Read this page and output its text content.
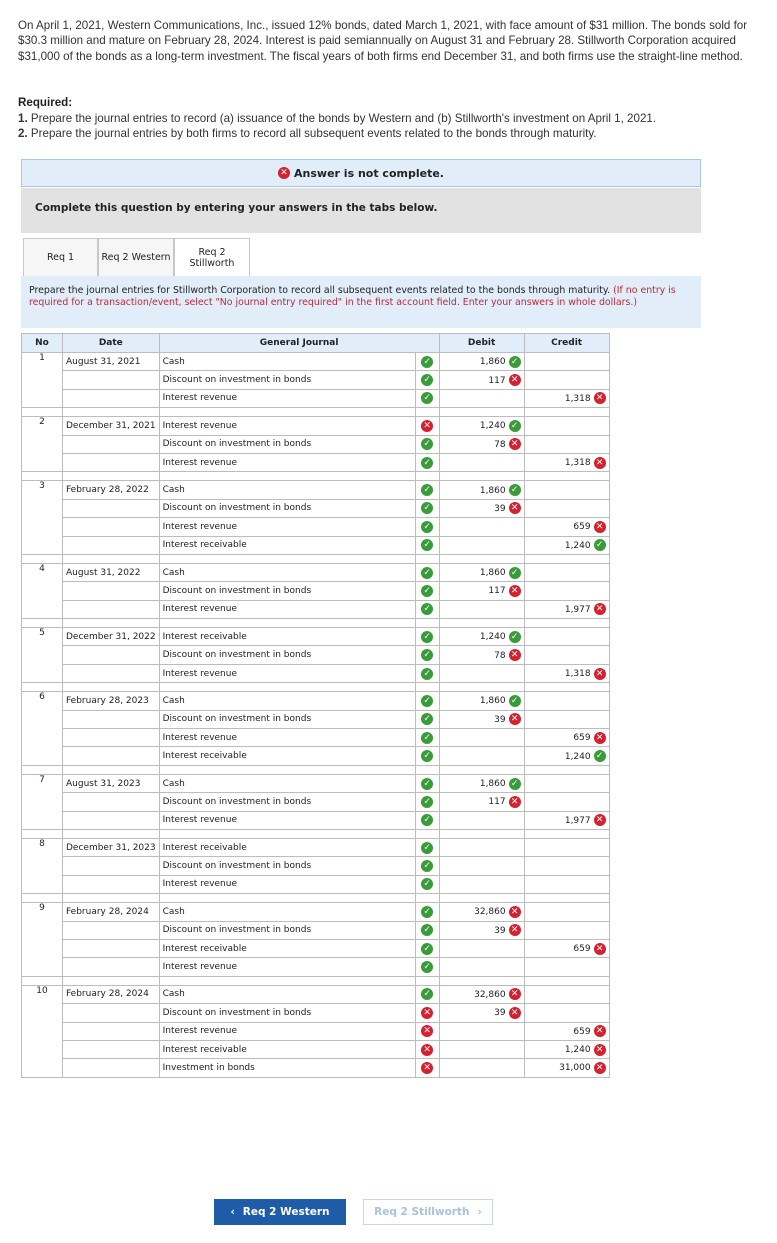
On April 1, 2021, Western Communications, Inc., issued 12% bonds, dated March 1, 2021, with face amount of $31 million. The bonds sold for $30.3 million and mature on February 28, 2024. Interest is paid semiannually on August 31 and February 28. Stillworth Corporation acquired $31,000 of the bonds as a long-term investment. The fiscal years of both firms end December 31, and both firms use the straight-line method.

Required:
1. Prepare the journal entries to record (a) issuance of the bonds by Western and (b) Stillworth's investment on April 1, 2021.
2. Prepare the journal entries by both firms to record all subsequent events related to the bonds through maturity.
✕ Answer is not complete.
Complete this question by entering your answers in the tabs below.
Req 1	Req 2 Western	Req 2
Stillworth
Prepare the journal entries for Stillworth Corporation to record all subsequent events related to the bonds through maturity. (If no entry is required for a transaction/event, select "No journal entry required" in the first account field. Enter your answers in whole dollars.)
No	Date	General Journal		Debit	Credit
1	August 31, 2021	Cash	✓	1,860 ✓	
		Discount on investment in bonds	✓	117 ✕	
		Interest revenue	✓		1,318 ✕

2	December 31, 2021	Interest revenue	✕	1,240 ✓	
		Discount on investment in bonds	✓	78 ✕	
		Interest revenue	✓		1,318 ✕

3	February 28, 2022	Cash	✓	1,860 ✓	
		Discount on investment in bonds	✓	39 ✕	
		Interest revenue	✓		659 ✕
		Interest receivable	✓		1,240 ✓

4	August 31, 2022	Cash	✓	1,860 ✓	
		Discount on investment in bonds	✓	117 ✕	
		Interest revenue	✓		1,977 ✕

5	December 31, 2022	Interest receivable	✓	1,240 ✓	
		Discount on investment in bonds	✓	78 ✕	
		Interest revenue	✓		1,318 ✕

6	February 28, 2023	Cash	✓	1,860 ✓	
		Discount on investment in bonds	✓	39 ✕	
		Interest revenue	✓		659 ✕
		Interest receivable	✓		1,240 ✓

7	August 31, 2023	Cash	✓	1,860 ✓	
		Discount on investment in bonds	✓	117 ✕	
		Interest revenue	✓		1,977 ✕

8	December 31, 2023	Interest receivable	✓		
		Discount on investment in bonds	✓		
		Interest revenue	✓		

9	February 28, 2024	Cash	✓	32,860 ✕	
		Discount on investment in bonds	✓	39 ✕	
		Interest receivable	✓		659 ✕
		Interest revenue	✓		

10	February 28, 2024	Cash	✓	32,860 ✕	
		Discount on investment in bonds	✕	39 ✕	
		Interest revenue	✕		659 ✕
		Interest receivable	✕		1,240 ✕
		Investment in bonds	✕		31,000 ✕
‹ Req 2 Western	Req 2 Stillworth ›
